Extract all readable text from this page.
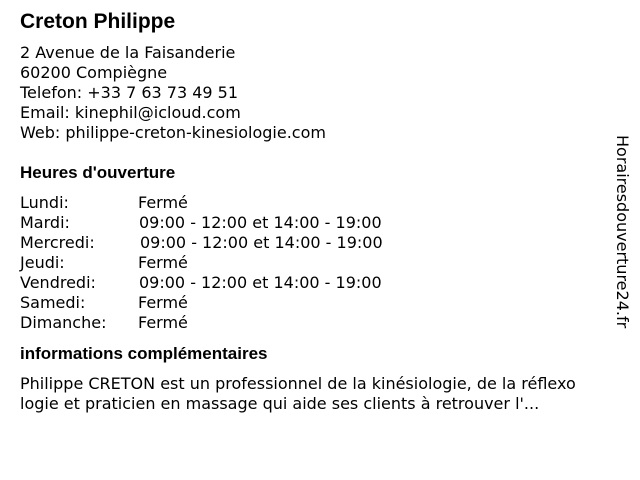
Creton Philippe
2 Avenue de la Faisanderie
60200 Compiègne
Telefon: +33 7 63 73 49 51
Email: kinephil@icloud.com
Web: philippe-creton-kinesiologie.com
Heures d'ouverture
Lundi:	Fermé
Mardi:	09:00 - 12:00 et 14:00 - 19:00
Mercredi:	09:00 - 12:00 et 14:00 - 19:00
Jeudi:	Fermé
Vendredi:	09:00 - 12:00 et 14:00 - 19:00
Samedi:	Fermé
Dimanche: Fermé
informations complémentaires
Philippe CRETON est un professionnel de la kinésiologie, de la réflexo
logie et praticien en massage qui aide ses clients à retrouver l'...
Horairesdouverture24.fr
